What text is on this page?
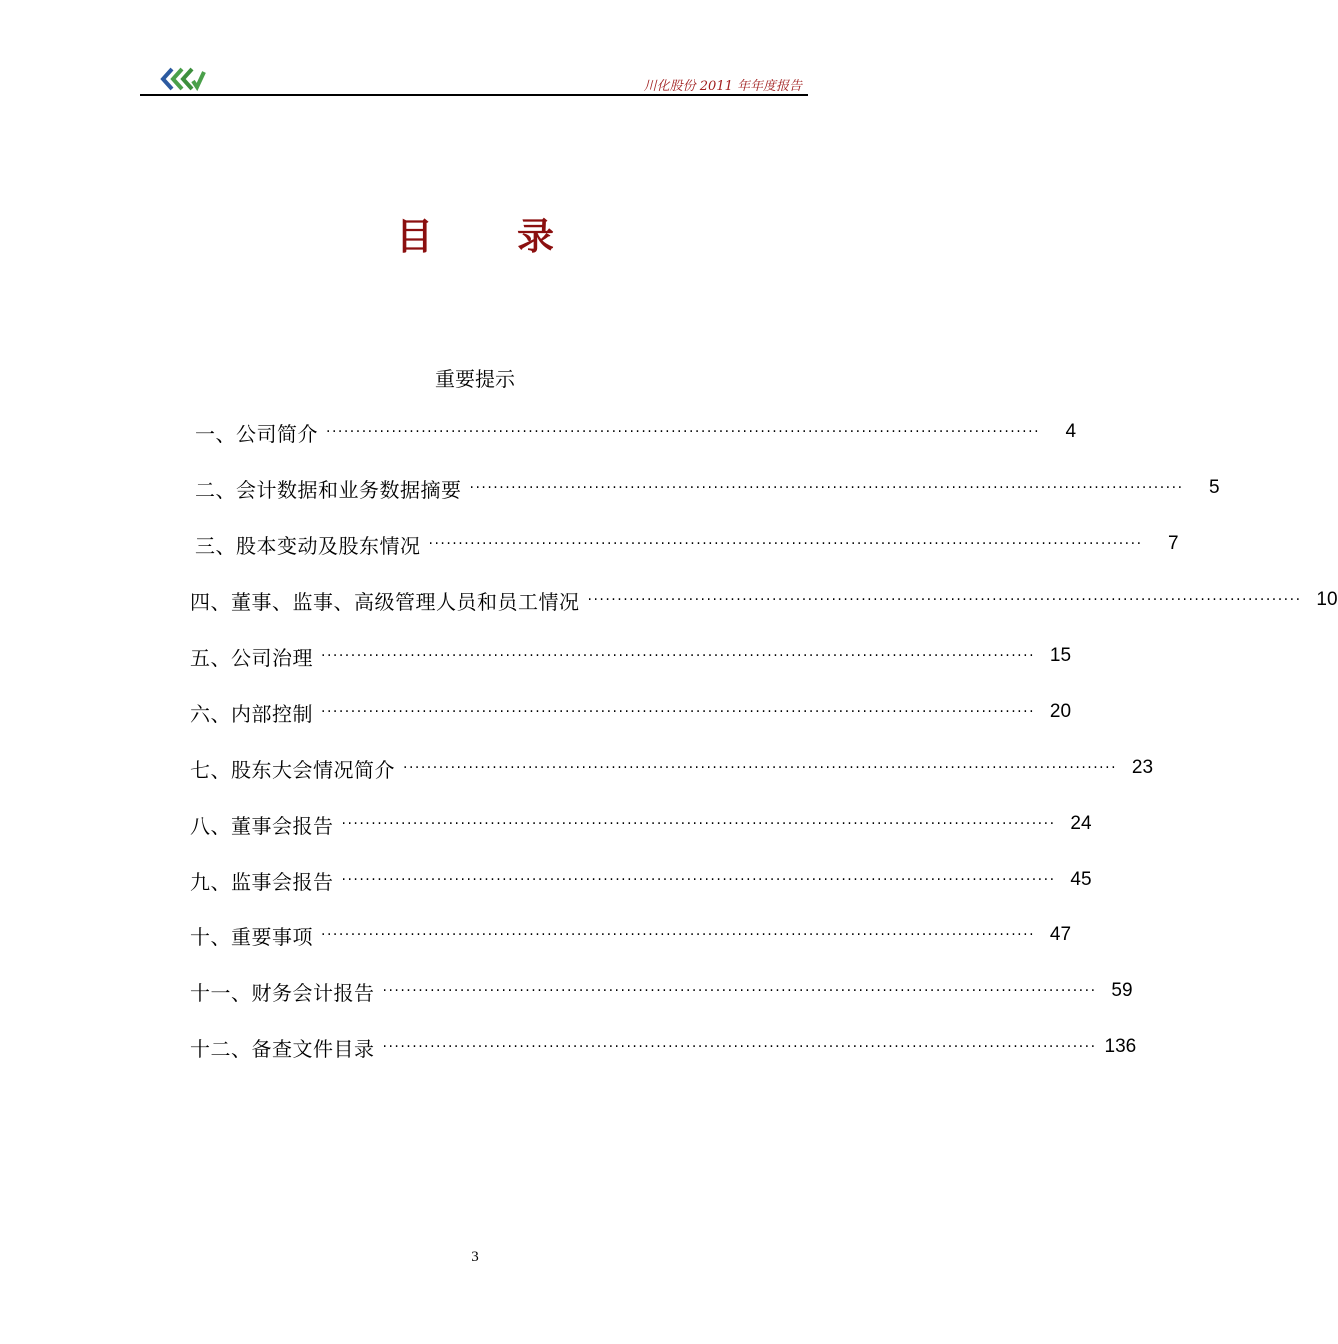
川化股份 2011 年年度报告
目录
重要提示
一、公司简介 ························································································································	4
二、会计数据和业务数据摘要 ························································································································	5
三、股本变动及股东情况 ························································································································	7
四、董事、监事、高级管理人员和员工情况 ························································································································ 10
五、公司治理 ························································································································ 15
六、内部控制 ························································································································ 20
七、股东大会情况简介 ························································································································ 23
八、董事会报告 ························································································································ 24
九、监事会报告 ························································································································ 45
十、重要事项 ························································································································ 47
十一、财务会计报告 ························································································································ 59
十二、备查文件目录 ························································································································ 136
3
